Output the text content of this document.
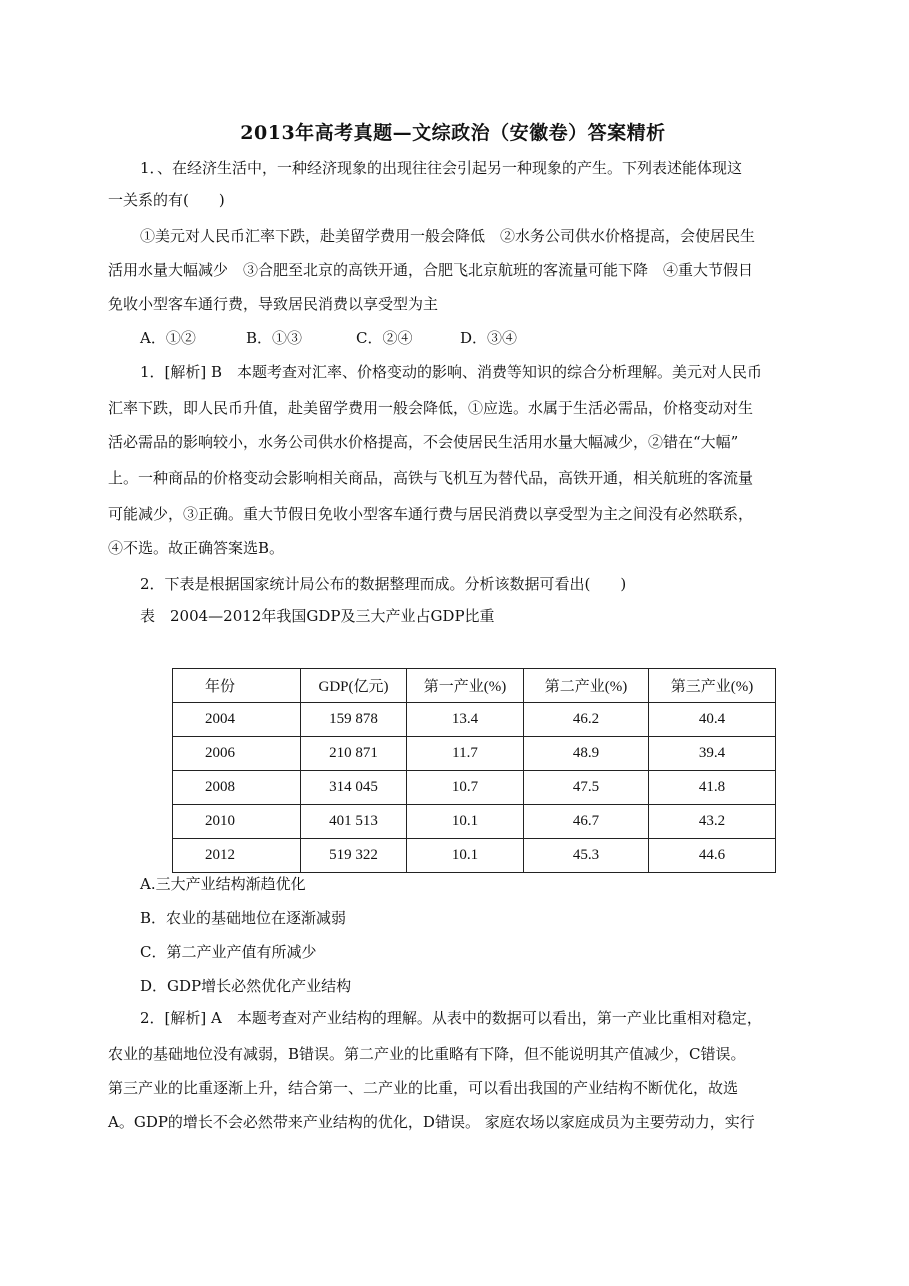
2013年高考真题—文综政治（安徽卷）答案精析
1．、在经济生活中，一种经济现象的出现往往会引起另一种现象的产生。下列表述能体现这
一关系的有(　　)
①美元对人民币汇率下跌，赴美留学费用一般会降低　②水务公司供水价格提高，会使居民生
活用水量大幅减少　③合肥至北京的高铁开通，合肥飞北京航班的客流量可能下降　④重大节假日
免收小型客车通行费，导致居民消费以享受型为主
A．①②	B．①③	C．②④	D．③④
1．[解析] B　本题考查对汇率、价格变动的影响、消费等知识的综合分析理解。美元对人民币
汇率下跌，即人民币升值，赴美留学费用一般会降低，①应选。水属于生活必需品，价格变动对生
活必需品的影响较小，水务公司供水价格提高，不会使居民生活用水量大幅减少，②错在“大幅”
上。一种商品的价格变动会影响相关商品，高铁与飞机互为替代品，高铁开通，相关航班的客流量
可能减少，③正确。重大节假日免收小型客车通行费与居民消费以享受型为主之间没有必然联系，
④不选。故正确答案选B。
2．下表是根据国家统计局公布的数据整理而成。分析该数据可看出(　　)
表　2004—2012年我国GDP及三大产业占GDP比重
年份	GDP(亿元)	第一产业(%)	第二产业(%)	第三产业(%)
2004	159 878	13.4	46.2	40.4
2006	210 871	11.7	48.9	39.4
2008	314 045	10.7	47.5	41.8
2010	401 513	10.1	46.7	43.2
2012	519 322	10.1	45.3	44.6
A.三大产业结构渐趋优化
B．农业的基础地位在逐渐减弱
C．第二产业产值有所减少
D．GDP增长必然优化产业结构
2．[解析] A　本题考查对产业结构的理解。从表中的数据可以看出，第一产业比重相对稳定，
农业的基础地位没有减弱，B错误。第二产业的比重略有下降，但不能说明其产值减少，C错误。
第三产业的比重逐渐上升，结合第一、二产业的比重，可以看出我国的产业结构不断优化，故选
A。GDP的增长不会必然带来产业结构的优化，D错误。 家庭农场以家庭成员为主要劳动力，实行
